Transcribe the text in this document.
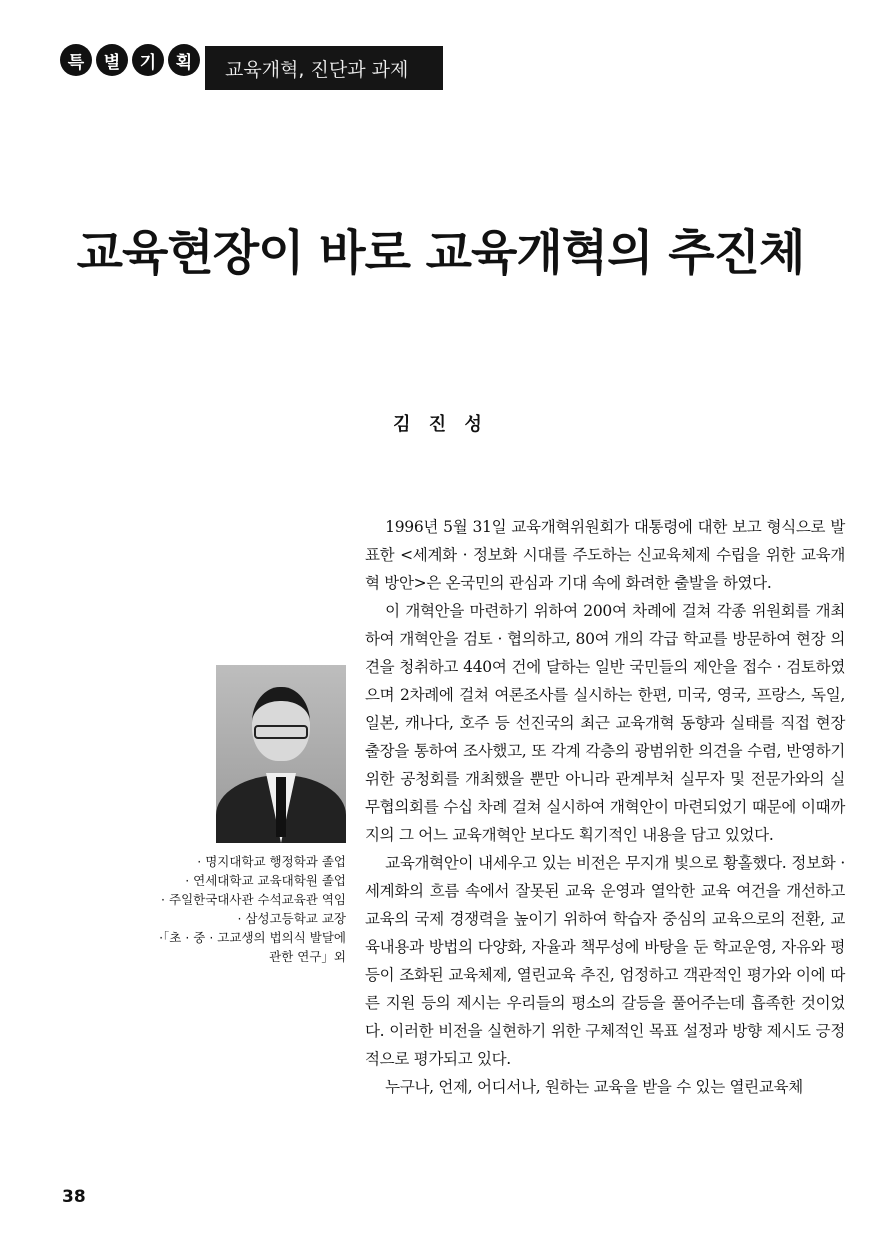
특	별	기	획	교육개혁, 진단과 과제
교육현장이 바로 교육개혁의 추진체
김 진 성
· 명지대학교 행정학과 졸업
· 연세대학교 교육대학원 졸업
· 주일한국대사관 수석교육관 역임
· 삼성고등학교 교장
·「초 · 중 · 고교생의 법의식 발달에
관한 연구」외

1996년 5월 31일 교육개혁위원회가 대통령에 대한 보고 형식으로 발표한 <세계화 · 정보화 시대를 주도하는 신교육체제 수립을 위한 교육개혁 방안>은 온국민의 관심과 기대 속에 화려한 출발을 하였다.

이 개혁안을 마련하기 위하여 200여 차례에 걸쳐 각종 위원회를 개최하여 개혁안을 검토 · 협의하고, 80여 개의 각급 학교를 방문하여 현장 의견을 청취하고 440여 건에 달하는 일반 국민들의 제안을 접수 · 검토하였으며 2차례에 걸쳐 여론조사를 실시하는 한편, 미국, 영국, 프랑스, 독일, 일본, 캐나다, 호주 등 선진국의 최근 교육개혁 동향과 실태를 직접 현장 출장을 통하여 조사했고, 또 각계 각층의 광범위한 의견을 수렴, 반영하기 위한 공청회를 개최했을 뿐만 아니라 관계부처 실무자 및 전문가와의 실무협의회를 수십 차례 걸쳐 실시하여 개혁안이 마련되었기 때문에 이때까지의 그 어느 교육개혁안 보다도 획기적인 내용을 담고 있었다.

교육개혁안이 내세우고 있는 비전은 무지개 빛으로 황홀했다. 정보화 · 세계화의 흐름 속에서 잘못된 교육 운영과 열악한 교육 여건을 개선하고 교육의 국제 경쟁력을 높이기 위하여 학습자 중심의 교육으로의 전환, 교육내용과 방법의 다양화, 자율과 책무성에 바탕을 둔 학교운영, 자유와 평등이 조화된 교육체제, 열린교육 추진, 엄정하고 객관적인 평가와 이에 따른 지원 등의 제시는 우리들의 평소의 갈등을 풀어주는데 흡족한 것이었다. 이러한 비전을 실현하기 위한 구체적인 목표 설정과 방향 제시도 긍정적으로 평가되고 있다.

누구나, 언제, 어디서나, 원하는 교육을 받을 수 있는 열린교육체

38
